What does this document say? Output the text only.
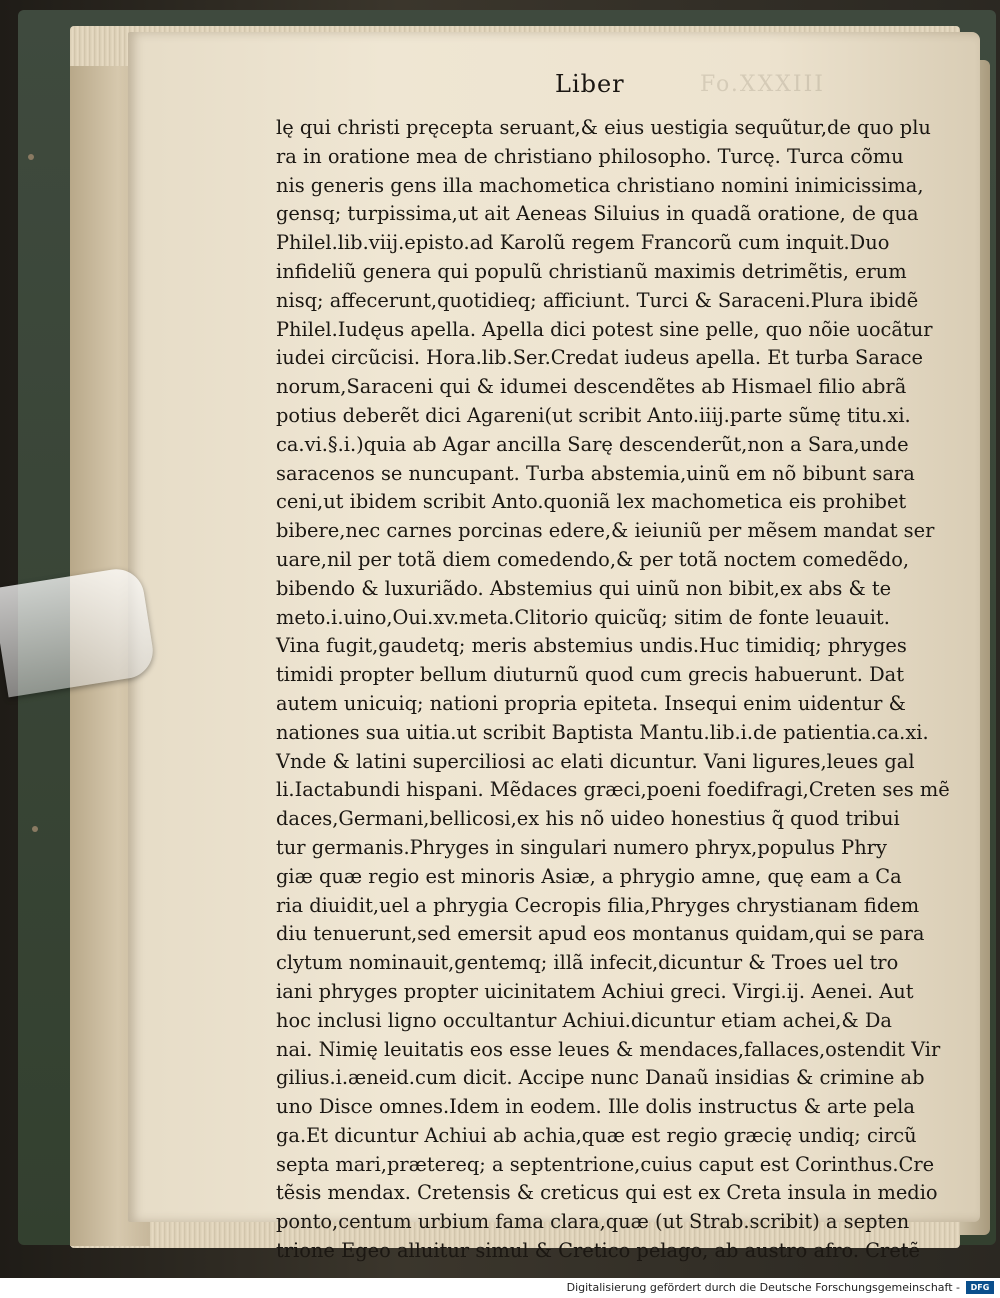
Fo.XXXIII
Liber
lę qui christi pręcepta seruant,& eius uestigia sequũtur,de quo plu
ra in oratione mea de christiano philosopho. Turcę. Turca cõmu
nis generis gens illa machometica christiano nomini inimicissima,
gensq; turpissima,ut ait Aeneas Siluius in quadã oratione, de qua
Philel.lib.viij.episto.ad Karolũ regem Francorũ cum inquit.Duo
infideliũ genera qui populũ christianũ maximis detrimẽtis, erum
nisq; affecerunt,quotidieq; afficiunt. Turci & Saraceni.Plura ibidẽ
Philel.Iudęus apella. Apella dici potest sine pelle, quo nõie uocãtur
iudei circũcisi. Hora.lib.Ser.Credat iudeus apella. Et turba Sarace
norum,Saraceni qui & idumei descendẽtes ab Hismael filio abrã
potius deberẽt dici Agareni(ut scribit Anto.iiij.parte sũmę titu.xi.
ca.vi.§.i.)quia ab Agar ancilla Sarę descenderũt,non a Sara,unde
saracenos se nuncupant. Turba abstemia,uinũ em nõ bibunt sara
ceni,ut ibidem scribit Anto.quoniã lex machometica eis prohibet
bibere,nec carnes porcinas edere,& ieiuniũ per mẽsem mandat ser
uare,nil per totã diem comedendo,& per totã noctem comedẽdo,
bibendo & luxuriãdo. Abstemius qui uinũ non bibit,ex abs & te
meto.i.uino,Oui.xv.meta.Clitorio quicũq; sitim de fonte leuauit.
Vina fugit,gaudetq; meris abstemius undis.Huc timidiq; phryges
timidi propter bellum diuturnũ quod cum grecis habuerunt. Dat
autem unicuiq; nationi propria epiteta. Insequi enim uidentur &
nationes sua uitia.ut scribit Baptista Mantu.lib.i.de patientia.ca.xi.
Vnde & latini superciliosi ac elati dicuntur. Vani ligures,leues gal
li.Iactabundi hispani. Mẽdaces græci,poeni foedifragi,Creten ses mẽ
daces,Germani,bellicosi,ex his nõ uideo honestius q̃ quod tribui
tur germanis.Phryges in singulari numero phryx,populus Phry
giæ quæ regio est minoris Asiæ, a phrygio amne, quę eam a Ca
ria diuidit,uel a phrygia Cecropis filia,Phryges chrystianam fidem
diu tenuerunt,sed emersit apud eos montanus quidam,qui se para
clytum nominauit,gentemq; illã infecit,dicuntur & Troes uel tro
iani phryges propter uicinitatem Achiui greci. Virgi.ij. Aenei. Aut
hoc inclusi ligno occultantur Achiui.dicuntur etiam achei,& Da
nai. Nimię leuitatis eos esse leues & mendaces,fallaces,ostendit Vir
gilius.i.æneid.cum dicit. Accipe nunc Danaũ insidias & crimine ab
uno Disce omnes.Idem in eodem. Ille dolis instructus & arte pela
ga.Et dicuntur Achiui ab achia,quæ est regio græcię undiq; circũ
septa mari,prætereq; a septentrione,cuius caput est Corinthus.Cre
tẽsis mendax. Cretensis & creticus qui est ex Creta insula in medio
ponto,centum urbium fama clara,quæ (ut Strab.scribit) a septen
trione Egeo alluitur simul & Cretico pelago, ab austro afro. Cretẽ
Digitalisierung gefördert durch die Deutsche Forschungsgemeinschaft -	DFG
